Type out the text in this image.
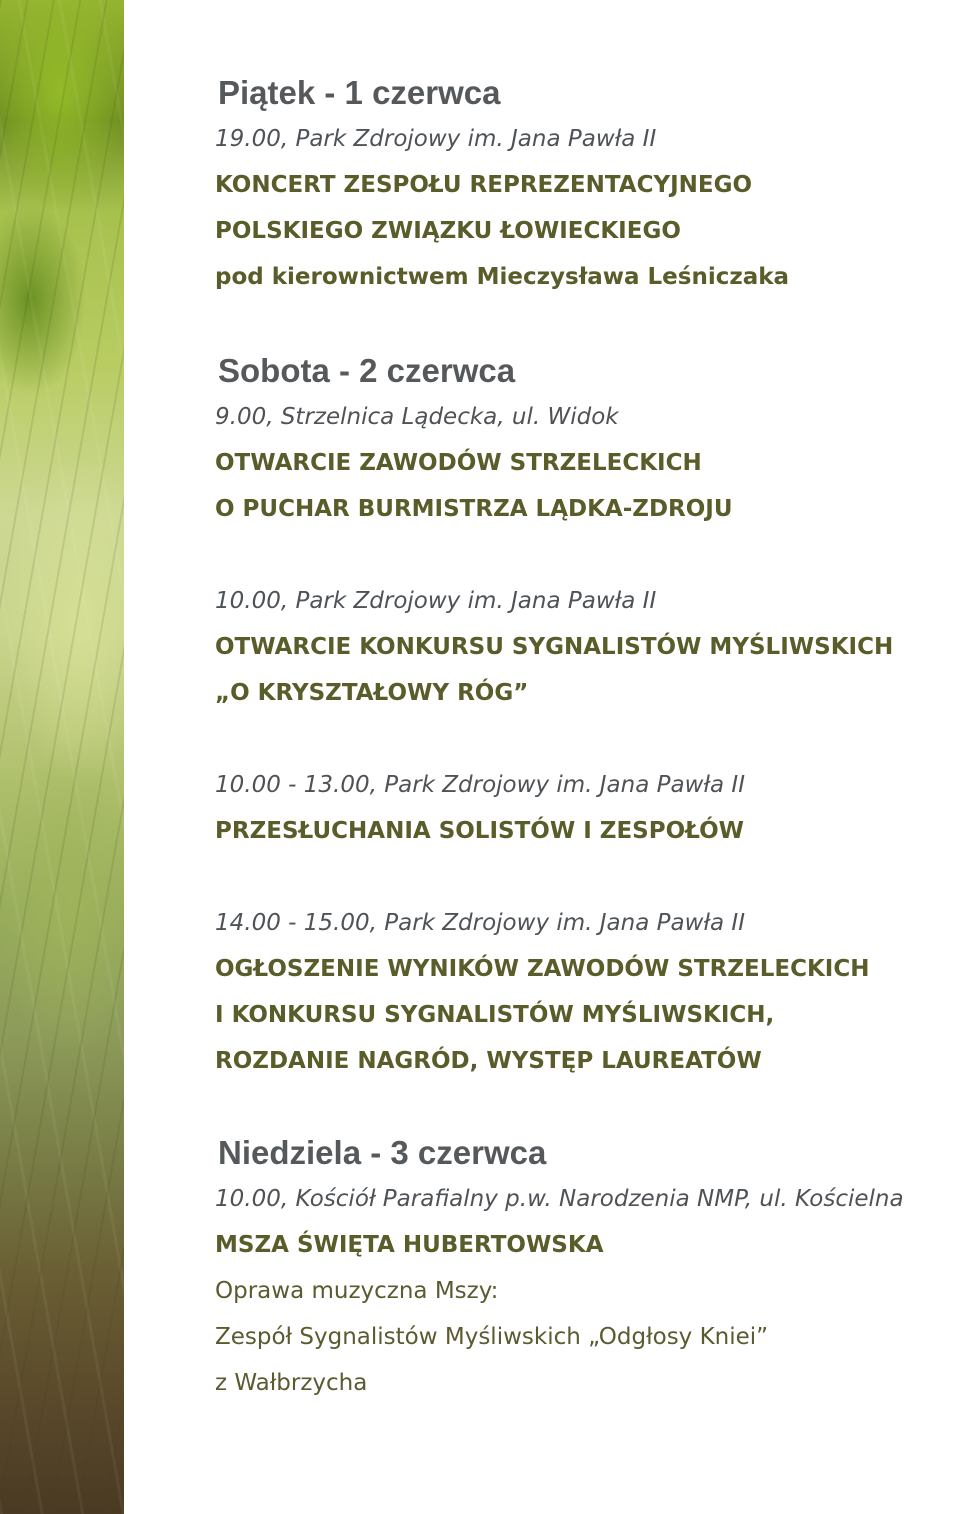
Piątek - 1 czerwca
19.00, Park Zdrojowy im. Jana Pawła II
KONCERT ZESPOŁU REPREZENTACYJNEGO
POLSKIEGO ZWIĄZKU ŁOWIECKIEGO
pod kierownictwem Mieczysława Leśniczaka
Sobota - 2 czerwca
9.00, Strzelnica Lądecka, ul. Widok
OTWARCIE ZAWODÓW STRZELECKICH
O PUCHAR BURMISTRZA LĄDKA-ZDROJU
10.00, Park Zdrojowy im. Jana Pawła II
OTWARCIE KONKURSU SYGNALISTÓW MYŚLIWSKICH
„O KRYSZTAŁOWY RÓG”
10.00 - 13.00, Park Zdrojowy im. Jana Pawła II
PRZESŁUCHANIA SOLISTÓW I ZESPOŁÓW
14.00 - 15.00, Park Zdrojowy im. Jana Pawła II
OGŁOSZENIE WYNIKÓW ZAWODÓW STRZELECKICH
I KONKURSU SYGNALISTÓW MYŚLIWSKICH,
ROZDANIE NAGRÓD, WYSTĘP LAUREATÓW
Niedziela - 3 czerwca
10.00, Kościół Parafialny p.w. Narodzenia NMP, ul. Kościelna
MSZA ŚWIĘTA HUBERTOWSKA
Oprawa muzyczna Mszy:
Zespół Sygnalistów Myśliwskich „Odgłosy Kniei”
z Wałbrzycha
